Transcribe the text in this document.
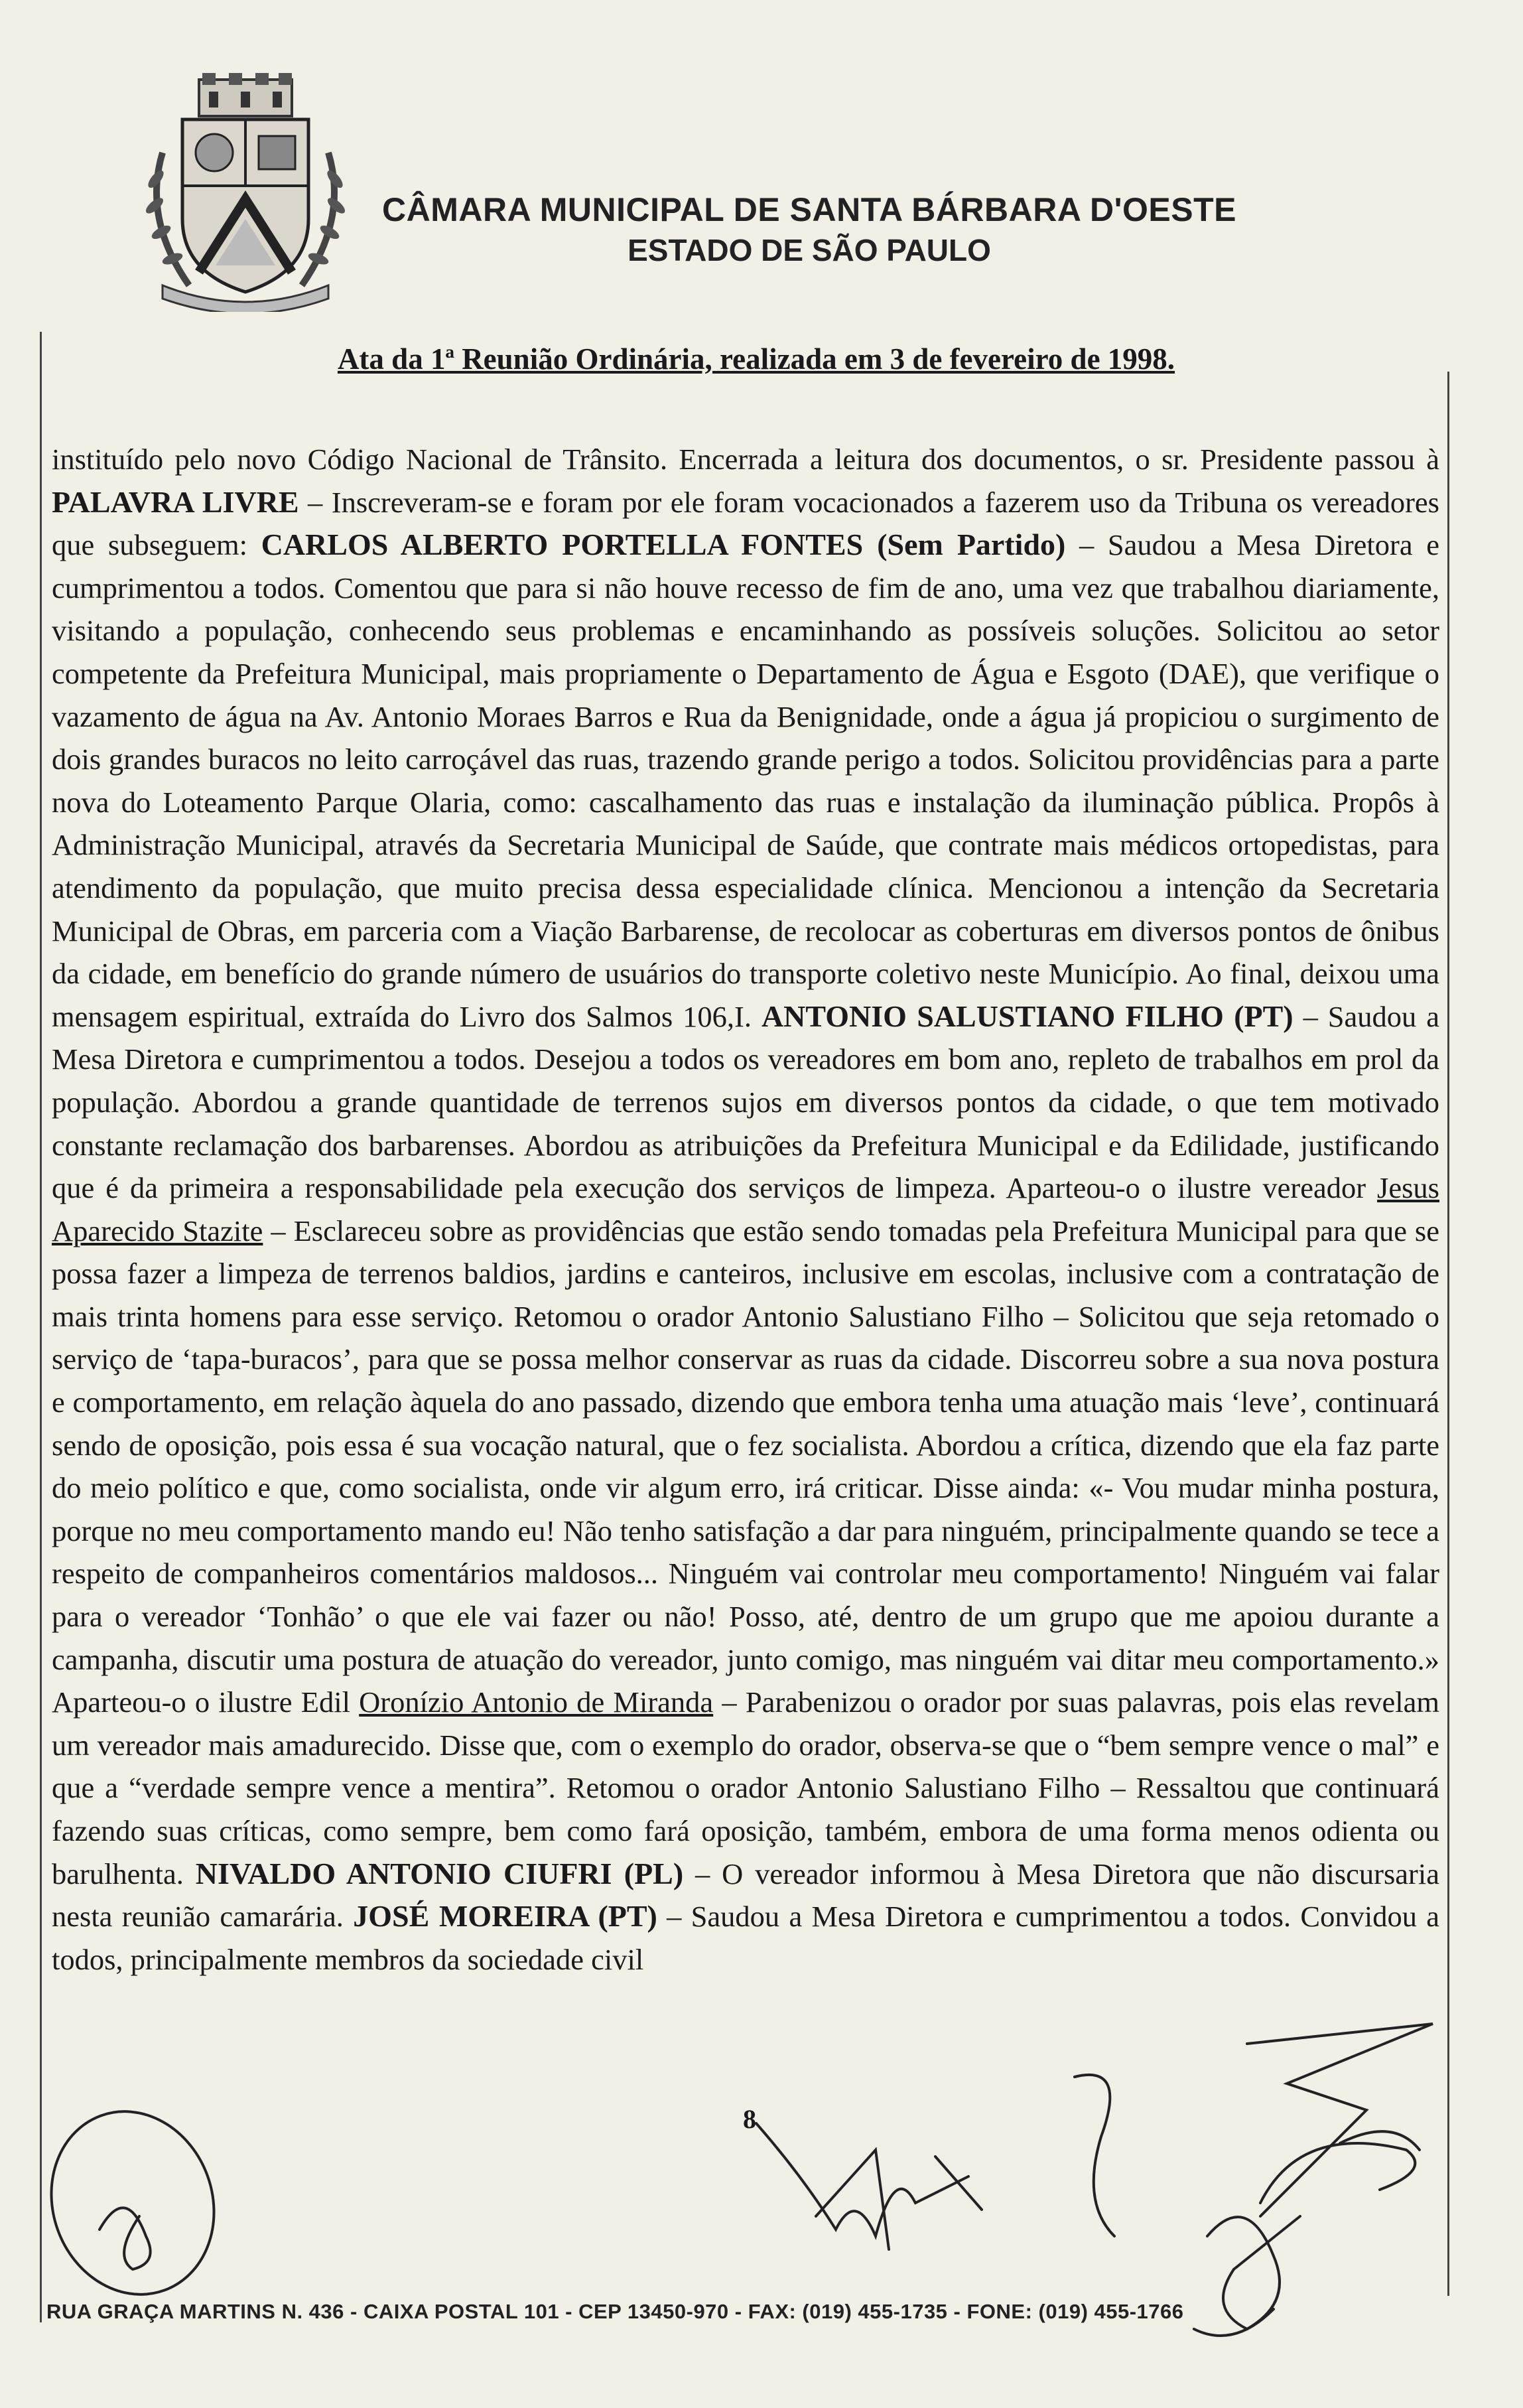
CÂMARA MUNICIPAL DE SANTA BÁRBARA D'OESTE
ESTADO DE SÃO PAULO
Ata da 1ª Reunião Ordinária, realizada em 3 de fevereiro de 1998.
instituído pelo novo Código Nacional de Trânsito. Encerrada a leitura dos documentos, o sr. Presidente passou à PALAVRA LIVRE – Inscreveram-se e foram por ele foram vocacionados a fazerem uso da Tribuna os vereadores que subseguem: CARLOS ALBERTO PORTELLA FONTES (Sem Partido) – Saudou a Mesa Diretora e cumprimentou a todos. Comentou que para si não houve recesso de fim de ano, uma vez que trabalhou diariamente, visitando a população, conhecendo seus problemas e encaminhando as possíveis soluções. Solicitou ao setor competente da Prefeitura Municipal, mais propriamente o Departamento de Água e Esgoto (DAE), que verifique o vazamento de água na Av. Antonio Moraes Barros e Rua da Benignidade, onde a água já propiciou o surgimento de dois grandes buracos no leito carroçável das ruas, trazendo grande perigo a todos. Solicitou providências para a parte nova do Loteamento Parque Olaria, como: cascalhamento das ruas e instalação da iluminação pública. Propôs à Administração Municipal, através da Secretaria Municipal de Saúde, que contrate mais médicos ortopedistas, para atendimento da população, que muito precisa dessa especialidade clínica. Mencionou a intenção da Secretaria Municipal de Obras, em parceria com a Viação Barbarense, de recolocar as coberturas em diversos pontos de ônibus da cidade, em benefício do grande número de usuários do transporte coletivo neste Município. Ao final, deixou uma mensagem espiritual, extraída do Livro dos Salmos 106,I. ANTONIO SALUSTIANO FILHO (PT) – Saudou a Mesa Diretora e cumprimentou a todos. Desejou a todos os vereadores em bom ano, repleto de trabalhos em prol da população. Abordou a grande quantidade de terrenos sujos em diversos pontos da cidade, o que tem motivado constante reclamação dos barbarenses. Abordou as atribuições da Prefeitura Municipal e da Edilidade, justificando que é da primeira a responsabilidade pela execução dos serviços de limpeza. Aparteou-o o ilustre vereador Jesus Aparecido Stazite – Esclareceu sobre as providências que estão sendo tomadas pela Prefeitura Municipal para que se possa fazer a limpeza de terrenos baldios, jardins e canteiros, inclusive em escolas, inclusive com a contratação de mais trinta homens para esse serviço. Retomou o orador Antonio Salustiano Filho – Solicitou que seja retomado o serviço de ‘tapa-buracos’, para que se possa melhor conservar as ruas da cidade. Discorreu sobre a sua nova postura e comportamento, em relação àquela do ano passado, dizendo que embora tenha uma atuação mais ‘leve’, continuará sendo de oposição, pois essa é sua vocação natural, que o fez socialista. Abordou a crítica, dizendo que ela faz parte do meio político e que, como socialista, onde vir algum erro, irá criticar. Disse ainda: «- Vou mudar minha postura, porque no meu comportamento mando eu! Não tenho satisfação a dar para ninguém, principalmente quando se tece a respeito de companheiros comentários maldosos... Ninguém vai controlar meu comportamento! Ninguém vai falar para o vereador ‘Tonhão’ o que ele vai fazer ou não! Posso, até, dentro de um grupo que me apoiou durante a campanha, discutir uma postura de atuação do vereador, junto comigo, mas ninguém vai ditar meu comportamento.» Aparteou-o o ilustre Edil Oronízio Antonio de Miranda – Parabenizou o orador por suas palavras, pois elas revelam um vereador mais amadurecido. Disse que, com o exemplo do orador, observa-se que o “bem sempre vence o mal” e que a “verdade sempre vence a mentira”. Retomou o orador Antonio Salustiano Filho – Ressaltou que continuará fazendo suas críticas, como sempre, bem como fará oposição, também, embora de uma forma menos odienta ou barulhenta. NIVALDO ANTONIO CIUFRI (PL) – O vereador informou à Mesa Diretora que não discursaria nesta reunião camarária. JOSÉ MOREIRA (PT) – Saudou a Mesa Diretora e cumprimentou a todos. Convidou a todos, principalmente membros da sociedade civil
8
RUA GRAÇA MARTINS N. 436 - CAIXA POSTAL 101 - CEP 13450-970 - FAX: (019) 455-1735 - FONE: (019) 455-1766
